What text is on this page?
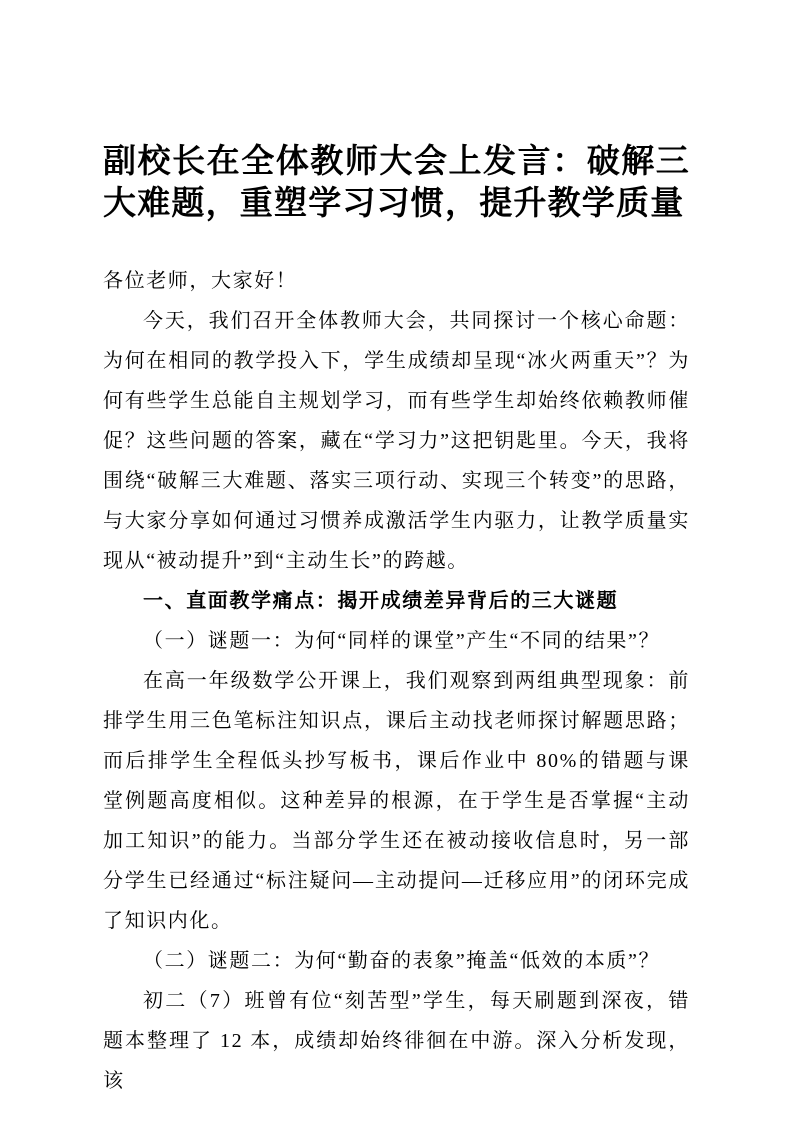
副校长在全体教师大会上发言：破解三大难题，重塑学习习惯，提升教学质量

各位老师，大家好！

今天，我们召开全体教师大会，共同探讨一个核心命题：为何在相同的教学投入下，学生成绩却呈现“冰火两重天”？为何有些学生总能自主规划学习，而有些学生却始终依赖教师催促？这些问题的答案，藏在“学习力”这把钥匙里。今天，我将围绕“破解三大难题、落实三项行动、实现三个转变”的思路，与大家分享如何通过习惯养成激活学生内驱力，让教学质量实现从“被动提升”到“主动生长”的跨越。

一、直面教学痛点：揭开成绩差异背后的三大谜题

（一）谜题一：为何“同样的课堂”产生“不同的结果”？

在高一年级数学公开课上，我们观察到两组典型现象：前排学生用三色笔标注知识点，课后主动找老师探讨解题思路；而后排学生全程低头抄写板书，课后作业中 80%的错题与课堂例题高度相似。这种差异的根源，在于学生是否掌握“主动加工知识”的能力。当部分学生还在被动接收信息时，另一部分学生已经通过“标注疑问—主动提问—迁移应用”的闭环完成了知识内化。

（二）谜题二：为何“勤奋的表象”掩盖“低效的本质”？

初二（7）班曾有位“刻苦型”学生，每天刷题到深夜，错题本整理了 12 本，成绩却始终徘徊在中游。深入分析发现，该
